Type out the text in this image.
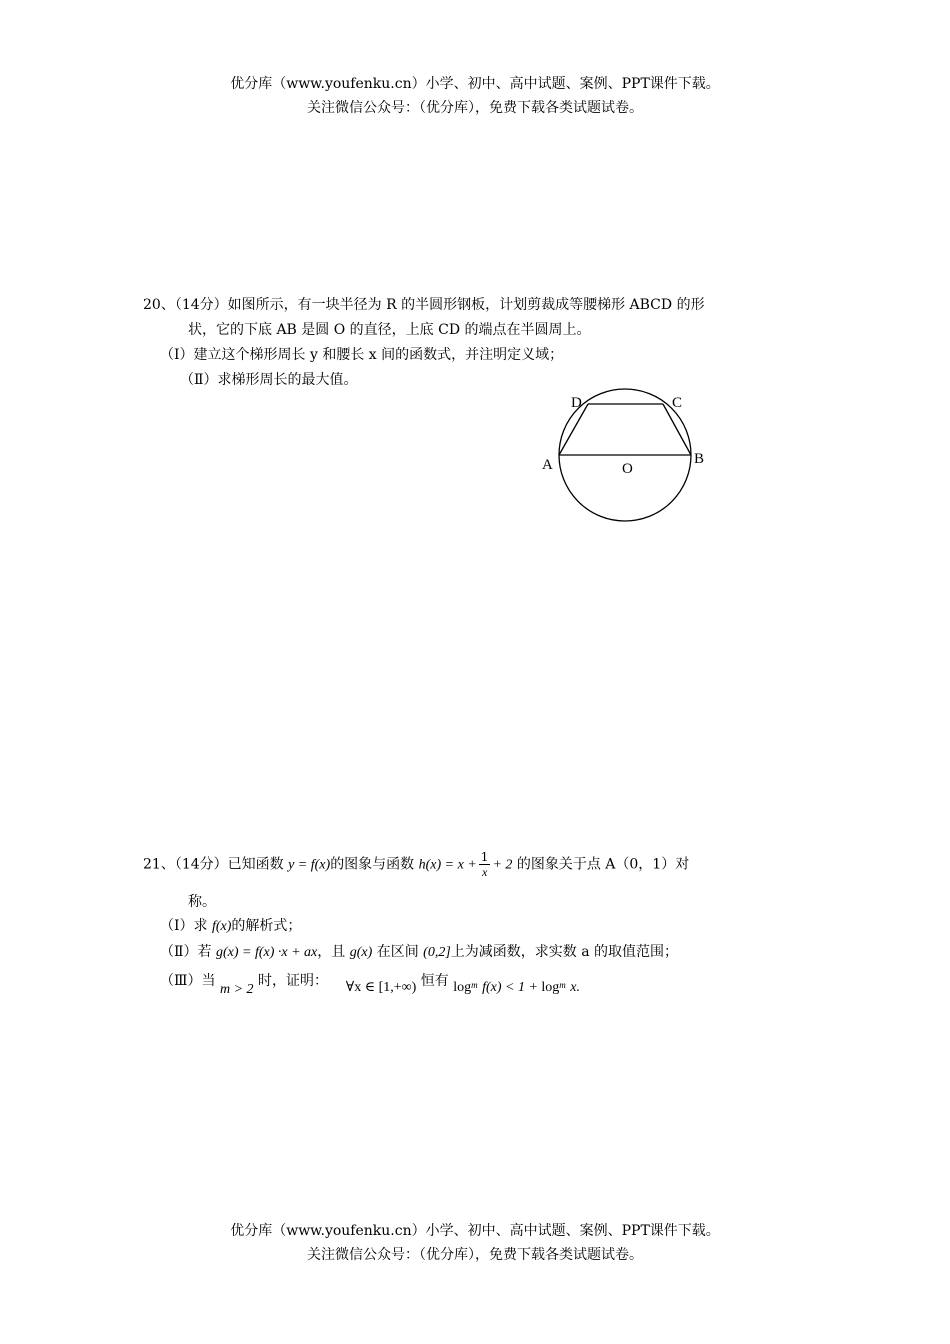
优分库（www.youfenku.cn）小学、初中、高中试题、案例、PPT课件下载。
关注微信公众号：（优分库），免费下载各类试题试卷。
20、（14分）如图所示，有一块半径为 R 的半圆形钢板，计划剪裁成等腰梯形 ABCD 的形
状，它的下底 AB 是圆 O 的直径，上底 CD 的端点在半圆周上。
（Ⅰ）建立这个梯形周长 y 和腰长 x 间的函数式，并注明定义域；
（Ⅱ）求梯形周长的最大值。
D	C
A	B
O
21、（14分）已知函数 y = f(x)的图象与函数 $h(x) = x + \frac{1}{x} + 2$ 的图象关于点 A（0，1）对
称。
（Ⅰ）求 f(x)的解析式；
（Ⅱ）若 g(x) = f(x) ·x + ax，且 g(x) 在区间 (0,2]上为减函数，求实数 a 的取值范围；
（Ⅲ）当 m > 2 时，证明： ∀x ∈ [1,+∞) 恒有 $\log_m f(x) < 1 + \log_m x$.
优分库（www.youfenku.cn）小学、初中、高中试题、案例、PPT课件下载。
关注微信公众号：（优分库），免费下载各类试题试卷。
